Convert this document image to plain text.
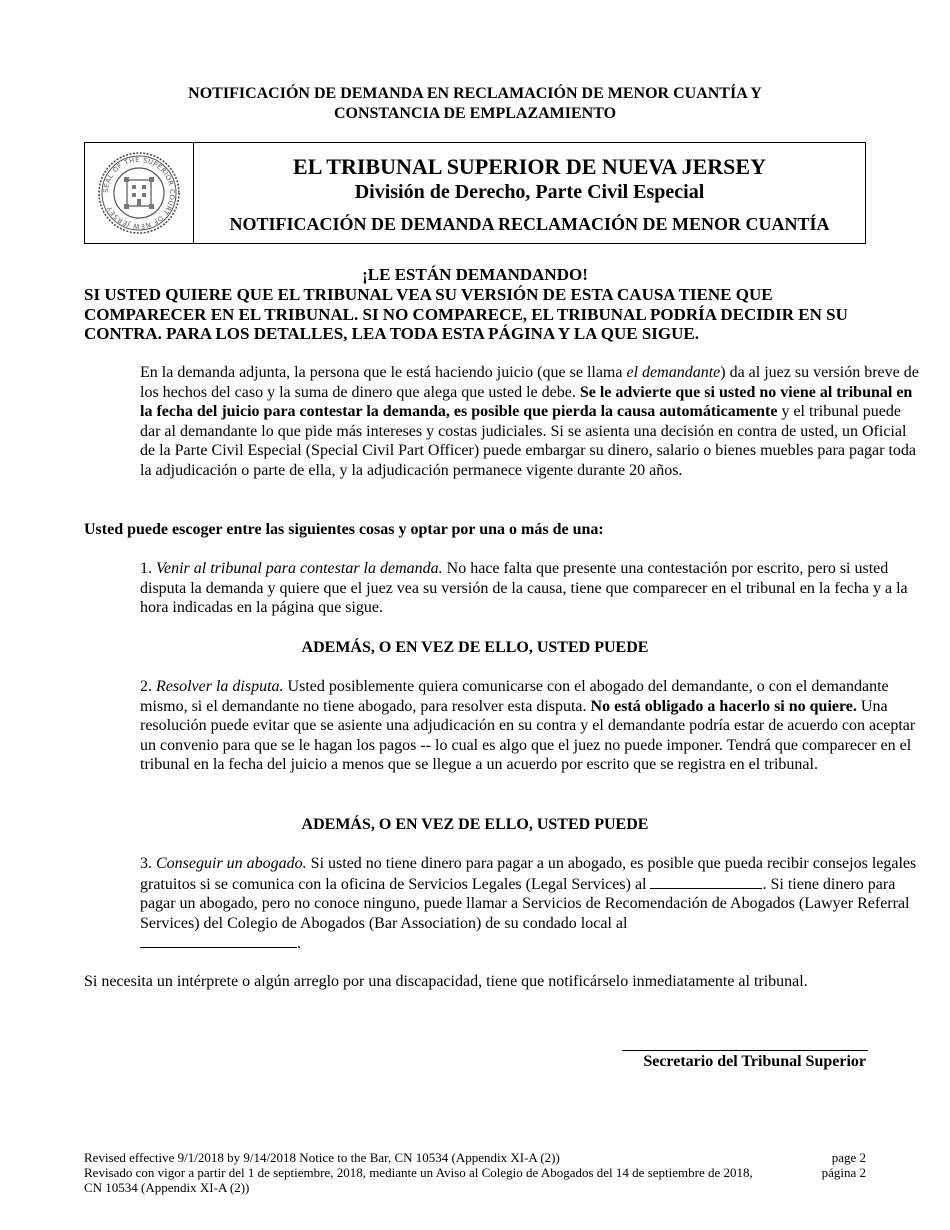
NOTIFICACIÓN DE DEMANDA EN RECLAMACIÓN DE MENOR CUANTÍA Y
CONSTANCIA DE EMPLAZAMIENTO
SEAL OF THE SUPERIOR COURT OF NEW JERSEY
EL TRIBUNAL SUPERIOR DE NUEVA JERSEY
División de Derecho, Parte Civil Especial
NOTIFICACIÓN DE DEMANDA RECLAMACIÓN DE MENOR CUANTÍA
¡LE ESTÁN DEMANDANDO!
SI USTED QUIERE QUE EL TRIBUNAL VEA SU VERSIÓN DE ESTA CAUSA TIENE QUE COMPARECER EN EL TRIBUNAL. SI NO COMPARECE, EL TRIBUNAL PODRÍA DECIDIR EN SU CONTRA. PARA LOS DETALLES, LEA TODA ESTA PÁGINA Y LA QUE SIGUE.

En la demanda adjunta, la persona que le está haciendo juicio (que se llama el demandante) da al juez su versión breve de los hechos del caso y la suma de dinero que alega que usted le debe. Se le advierte que si usted no viene al tribunal en la fecha del juicio para contestar la demanda, es posible que pierda la causa automáticamente y el tribunal puede dar al demandante lo que pide más intereses y costas judiciales. Si se asienta una decisión en contra de usted, un Oficial de la Parte Civil Especial (Special Civil Part Officer) puede embargar su dinero, salario o bienes muebles para pagar toda la adjudicación o parte de ella, y la adjudicación permanece vigente durante 20 años.

Usted puede escoger entre las siguientes cosas y optar por una o más de una:

1. Venir al tribunal para contestar la demanda. No hace falta que presente una contestación por escrito, pero si usted disputa la demanda y quiere que el juez vea su versión de la causa, tiene que comparecer en el tribunal en la fecha y a la hora indicadas en la página que sigue.

ADEMÁS, O EN VEZ DE ELLO, USTED PUEDE

2. Resolver la disputa. Usted posiblemente quiera comunicarse con el abogado del demandante, o con el demandante mismo, si el demandante no tiene abogado, para resolver esta disputa. No está obligado a hacerlo si no quiere. Una resolución puede evitar que se asiente una adjudicación en su contra y el demandante podría estar de acuerdo con aceptar un convenio para que se le hagan los pagos -- lo cual es algo que el juez no puede imponer. Tendrá que comparecer en el tribunal en la fecha del juicio a menos que se llegue a un acuerdo por escrito que se registra en el tribunal.

ADEMÁS, O EN VEZ DE ELLO, USTED PUEDE

3. Conseguir un abogado. Si usted no tiene dinero para pagar a un abogado, es posible que pueda recibir consejos legales gratuitos si se comunica con la oficina de Servicios Legales (Legal Services) al	. Si tiene dinero para pagar un abogado, pero no conoce ninguno, puede llamar a Servicios de Recomendación de Abogados (Lawyer Referral Services) del Colegio de Abogados (Bar Association) de su condado local al
.

Si necesita un intérprete o algún arreglo por una discapacidad, tiene que notificárselo inmediatamente al tribunal.

Secretario del Tribunal Superior
Revised effective 9/1/2018 by 9/14/2018 Notice to the Bar, CN 10534 (Appendix XI-A (2))
Revisado con vigor a partir del 1 de septiembre, 2018, mediante un Aviso al Colegio de Abogados del 14 de septiembre de 2018,
CN 10534 (Appendix XI-A (2))
page 2
página 2
